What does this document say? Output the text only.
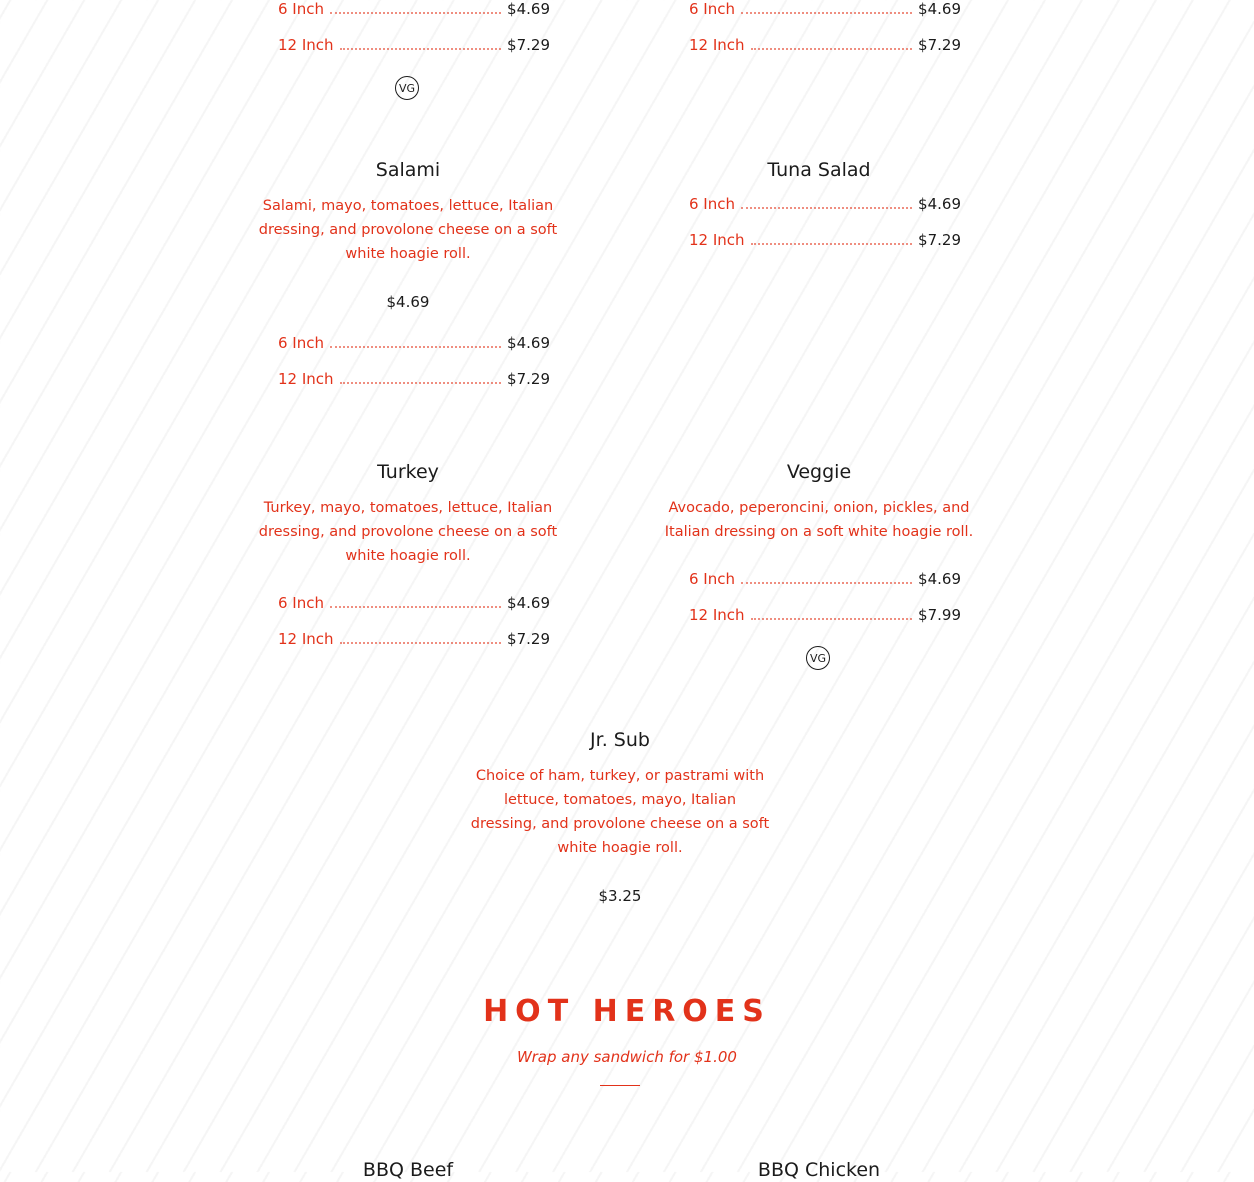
6 Inch	$4.69
12 Inch	$7.29
VG
6 Inch	$4.69
12 Inch	$7.29
Salami
Salami, mayo, tomatoes, lettuce, Italian dressing, and provolone cheese on a soft white hoagie roll.
$4.69
6 Inch	$4.69
12 Inch	$7.29
Tuna Salad
6 Inch	$4.69
12 Inch	$7.29
Turkey
Turkey, mayo, tomatoes, lettuce, Italian dressing, and provolone cheese on a soft white hoagie roll.
6 Inch	$4.69
12 Inch	$7.29
Veggie
Avocado, peperoncini, onion, pickles, and Italian dressing on a soft white hoagie roll.
6 Inch	$4.69
12 Inch	$7.99
VG
Jr. Sub
Choice of ham, turkey, or pastrami with lettuce, tomatoes, mayo, Italian dressing, and provolone cheese on a soft white hoagie roll.
$3.25
HOT HEROES
Wrap any sandwich for $1.00
BBQ Beef	BBQ Chicken
